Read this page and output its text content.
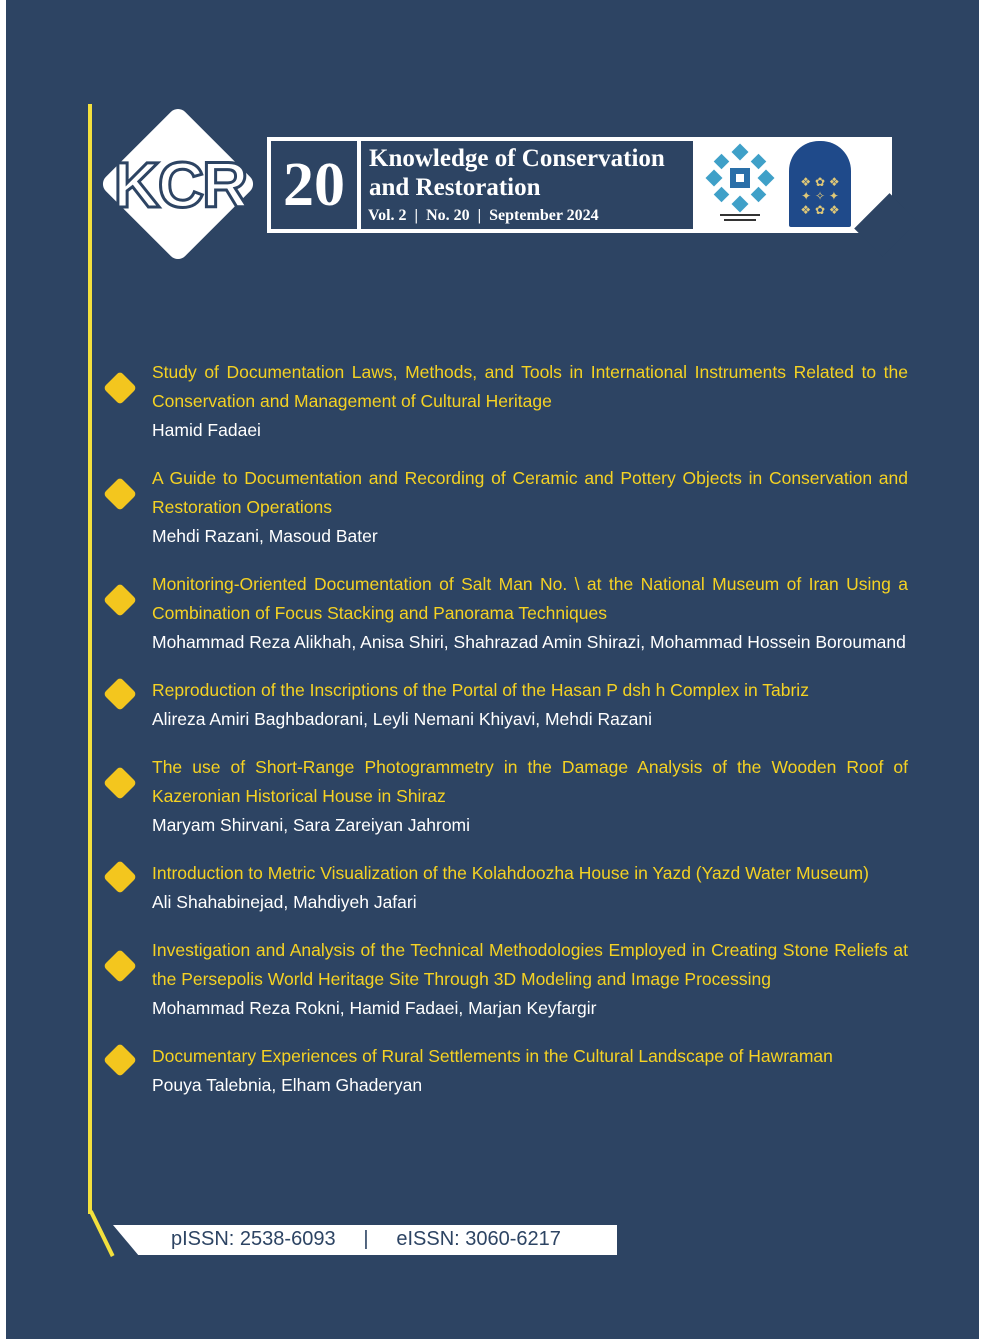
KCR 20 Knowledge of Conservation
and Restoration
Vol. 2  |  No. 20  |  September 2024
❖ ✿ ❖
✦ ✧ ✦
❖ ✿ ❖
Study of Documentation Laws, Methods, and Tools in International Instruments Related to the Conservation and Management of Cultural Heritage
Hamid Fadaei
A Guide to Documentation and Recording of Ceramic and Pottery Objects in Conservation and Restoration Operations
Mehdi Razani, Masoud Bater
Monitoring-Oriented Documentation of Salt Man No. \ at the National Museum of Iran Using a Combination of Focus Stacking and Panorama Techniques
Mohammad Reza Alikhah, Anisa Shiri, Shahrazad Amin Shirazi, Mohammad Hossein Boroumand
Reproduction of the Inscriptions of the Portal of the Hasan P dsh h Complex in Tabriz
Alireza Amiri Baghbadorani, Leyli Nemani Khiyavi, Mehdi Razani
The use of Short-Range Photogrammetry in the Damage Analysis of the Wooden Roof of Kazeronian Historical House in Shiraz
Maryam Shirvani, Sara Zareiyan Jahromi
Introduction to Metric Visualization of the Kolahdoozha House in Yazd (Yazd Water Museum)
Ali Shahabinejad, Mahdiyeh Jafari
Investigation and Analysis of the Technical Methodologies Employed in Creating Stone Reliefs at the Persepolis World Heritage Site Through 3D Modeling and Image Processing
Mohammad Reza Rokni, Hamid Fadaei, Marjan Keyfargir
Documentary Experiences of Rural Settlements in the Cultural Landscape of Hawraman
Pouya Talebnia, Elham Ghaderyan
pISSN: 2538-6093 | eISSN: 3060-6217
